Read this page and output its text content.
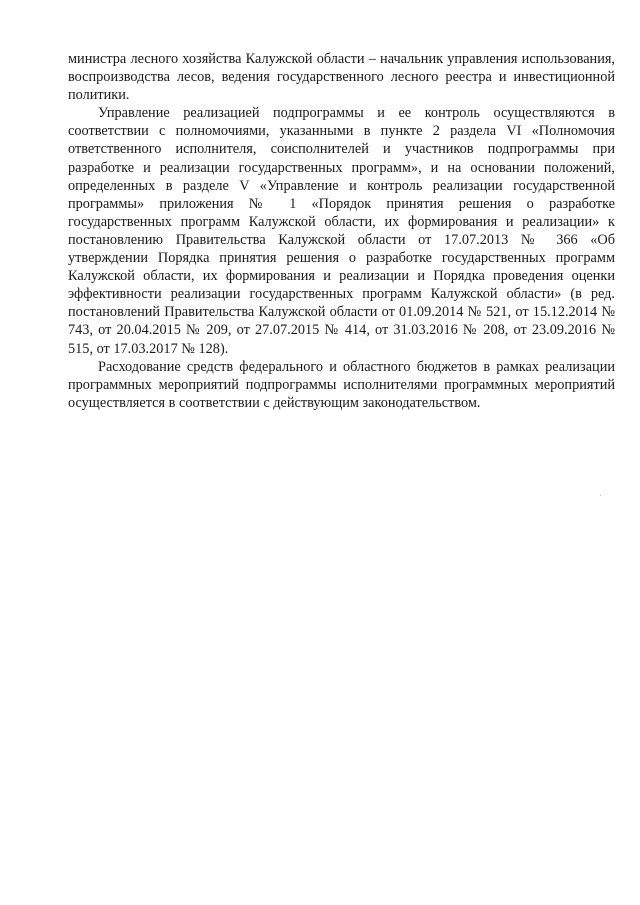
министра лесного хозяйства Калужской области – начальник управления использования, воспроизводства лесов, ведения государственного лесного реестра и инвестиционной политики.

Управление реализацией подпрограммы и ее контроль осуществляются в соответствии с полномочиями, указанными в пункте 2 раздела VI «Полномочия ответственного исполнителя, соисполнителей и участников подпрограммы при разработке и реализации государственных программ», и на основании положений, определенных в разделе V «Управление и контроль реализации государственной программы» приложения № 1 «Порядок принятия решения о разработке государственных программ Калужской области, их формирования и реализации» к постановлению Правительства Калужской области от 17.07.2013 № 366 «Об утверждении Порядка принятия решения о разработке государственных программ Калужской области, их формирования и реализации и Порядка проведения оценки эффективности реализации государственных программ Калужской области» (в ред. постановлений Правительства Калужской области от 01.09.2014 № 521, от 15.12.2014 № 743, от 20.04.2015 № 209, от 27.07.2015 № 414, от 31.03.2016 № 208, от 23.09.2016 № 515, от 17.03.2017 № 128).

Расходование средств федерального и областного бюджетов в рамках реализации программных мероприятий подпрограммы исполнителями программных мероприятий осуществляется в соответствии с действующим законодательством.
